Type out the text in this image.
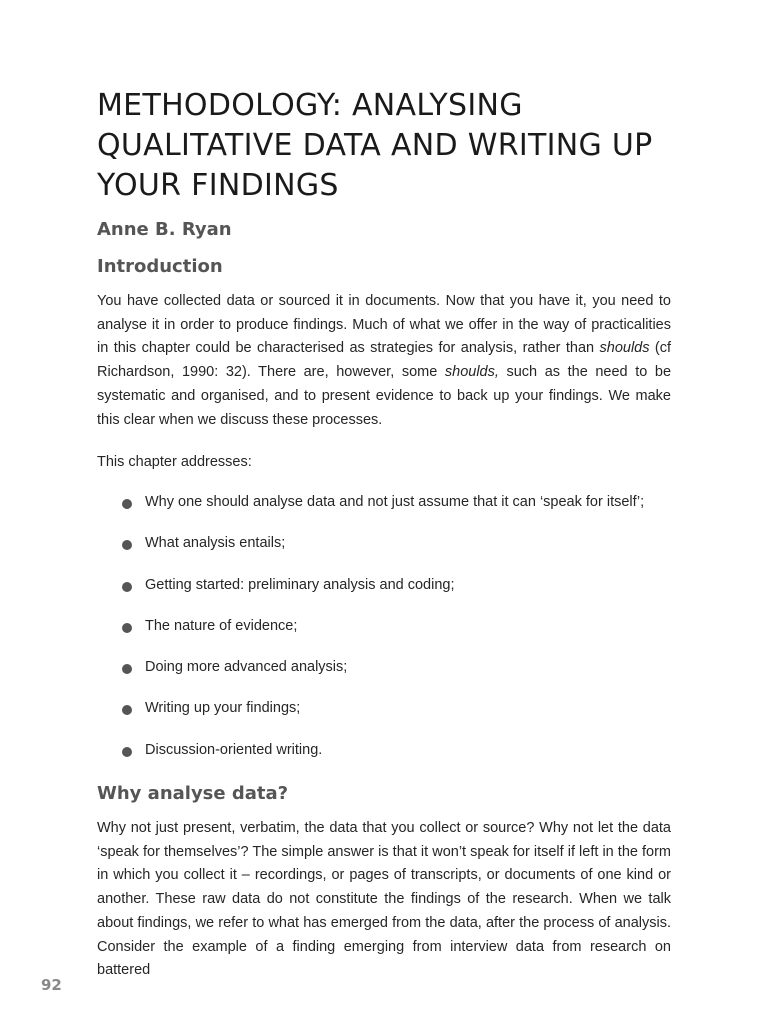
METHODOLOGY: ANALYSING
QUALITATIVE DATA AND WRITING UP
YOUR FINDINGS

Anne B. Ryan

Introduction

You have collected data or sourced it in documents. Now that you have it, you need to analyse it in order to produce findings. Much of what we offer in the way of practicalities in this chapter could be characterised as strategies for analysis, rather than shoulds (cf Richardson, 1990: 32). There are, however, some shoulds, such as the need to be systematic and organised, and to present evidence to back up your findings. We make this clear when we discuss these processes.

This chapter addresses:

Why one should analyse data and not just assume that it can ‘speak for itself’;
What analysis entails;
Getting started: preliminary analysis and coding;
The nature of evidence;
Doing more advanced analysis;
Writing up your findings;
Discussion-oriented writing.
Why analyse data?

Why not just present, verbatim, the data that you collect or source? Why not let the data ‘speak for themselves’? The simple answer is that it won’t speak for itself if left in the form in which you collect it – recordings, or pages of transcripts, or documents of one kind or another. These raw data do not constitute the findings of the research. When we talk about findings, we refer to what has emerged from the data, after the process of analysis. Consider the example of a finding emerging from interview data from research on battered

92
